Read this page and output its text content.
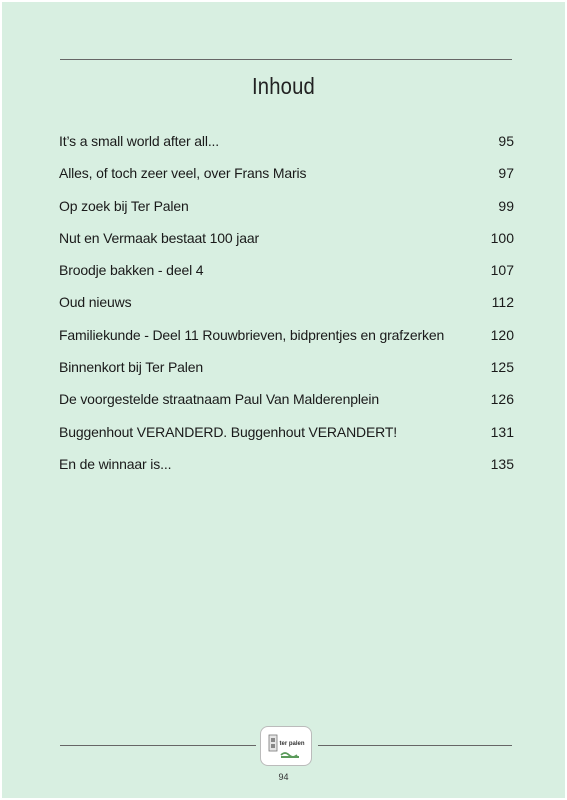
Inhoud
It’s a small world after all...	95
Alles, of toch zeer veel, over Frans Maris	97
Op zoek bij Ter Palen	99
Nut en Vermaak bestaat 100 jaar	100
Broodje bakken - deel 4	107
Oud nieuws	112
Familiekunde - Deel 11 Rouwbrieven, bidprentjes en grafzerken	120
Binnenkort bij Ter Palen	125
De voorgestelde straatnaam Paul Van Malderenplein	126
Buggenhout VERANDERD. Buggenhout VERANDERT!	131
En de winnaar is...	135
ter palen
94
